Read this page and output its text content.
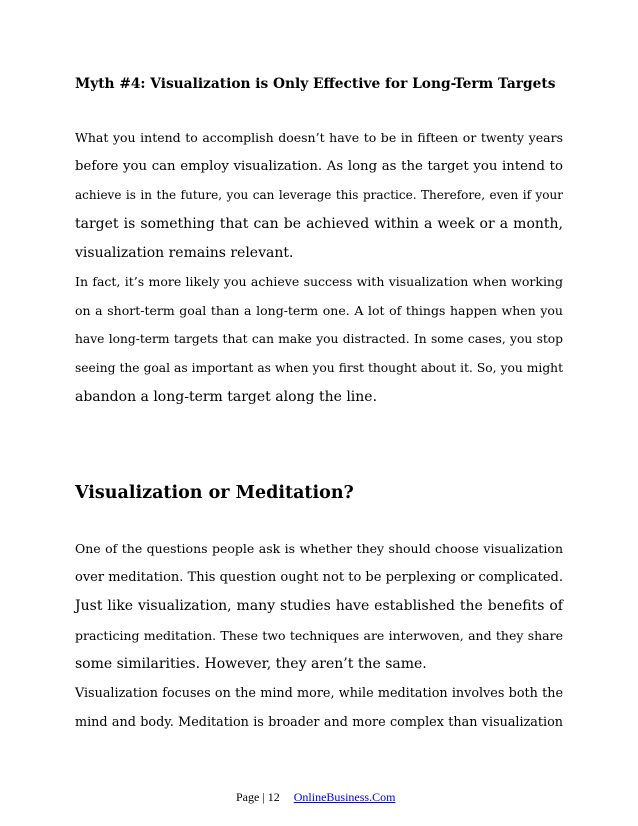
Myth #4: Visualization is Only Effective for Long-Term Targets
What you intend to accomplish doesn’t have to be in fifteen or twenty years
before you can employ visualization. As long as the target you intend to
achieve is in the future, you can leverage this practice. Therefore, even if your
target is something that can be achieved within a week or a month,
visualization remains relevant.
In fact, it’s more likely you achieve success with visualization when working
on a short-term goal than a long-term one. A lot of things happen when you
have long-term targets that can make you distracted. In some cases, you stop
seeing the goal as important as when you first thought about it. So, you might
abandon a long-term target along the line.
Visualization or Meditation?
One of the questions people ask is whether they should choose visualization
over meditation. This question ought not to be perplexing or complicated.
Just like visualization, many studies have established the benefits of
practicing meditation. These two techniques are interwoven, and they share
some similarities. However, they aren’t the same.
Visualization focuses on the mind more, while meditation involves both the
mind and body. Meditation is broader and more complex than visualization
Page | 12 OnlineBusiness.Com
